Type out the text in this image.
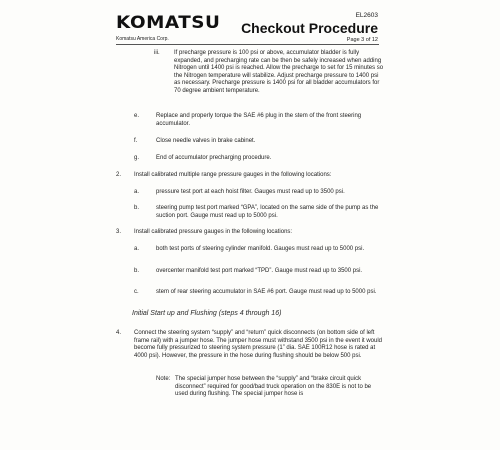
KOMATSU
Komatsu America Corp.
EL2603
Checkout Procedure
Page 3 of 12
iii. If precharge pressure is 100 psi or above, accumulator bladder is fully expanded, and precharging rate can be then be safely increased when adding Nitrogen until 1400 psi is reached. Allow the precharge to set for 15 minutes so the Nitrogen temperature will stabilize. Adjust precharge pressure to 1400 psi as necessary. Precharge pressure is 1400 psi for all bladder accumulators for 70 degree ambient temperature.
e.	Replace and properly torque the SAE #6 plug in the stem of the front steering accumulator.
f.	Close needle valves in brake cabinet.
g.	End of accumulator precharging procedure.
2. Install calibrated multiple range pressure gauges in the following locations:
a.	pressure test port at each hoist filter. Gauges must read up to 3500 psi.
b.	steering pump test port marked “GPA”, located on the same side of the pump as the suction port. Gauge must read up to 5000 psi.
3. Install calibrated pressure gauges in the following locations:
a.	both test ports of steering cylinder manifold. Gauges must read up to 5000 psi.
b.	overcenter manifold test port marked “TPD”. Gauge must read up to 3500 psi.
c.	stem of rear steering accumulator in SAE #6 port. Gauge must read up to 5000 psi.
Initial Start up and Flushing (steps 4 through 16)
4. Connect the steering system “supply” and “return” quick disconnects (on bottom side of left frame rail) with a jumper hose. The jumper hose must withstand 3500 psi in the event it would become fully pressurized to steering system pressure (1” dia. SAE 100R12 hose is rated at 4000 psi). However, the pressure in the hose during flushing should be below 500 psi.
Note: The special jumper hose between the “supply” and “brake circuit quick disconnect” required for good/bad truck operation on the 830E is not to be used during flushing. The special jumper hose is
